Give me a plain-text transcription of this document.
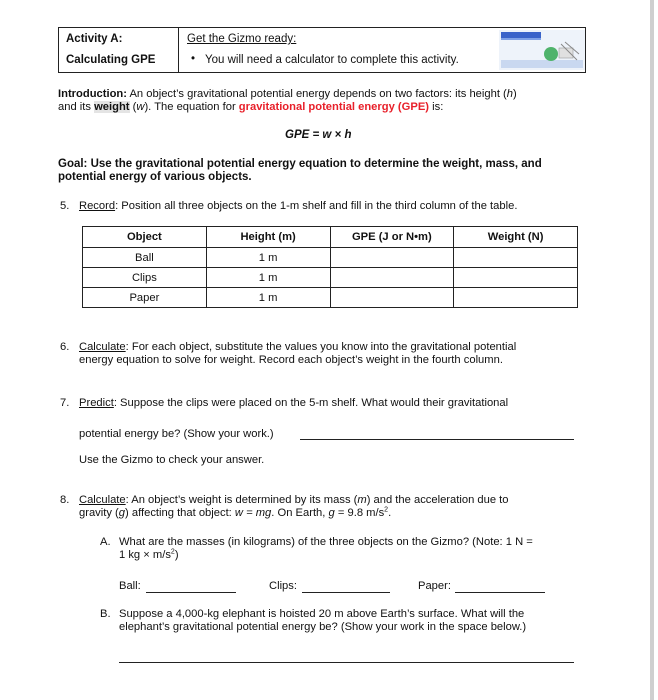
Activity A:
Calculating GPE
Get the Gizmo ready:
• You will need a calculator to complete this activity.
Introduction: An object’s gravitational potential energy depends on two factors: its height (h)
and its weight (w). The equation for gravitational potential energy (GPE) is:
GPE = w × h
Goal: Use the gravitational potential energy equation to determine the weight, mass, and
potential energy of various objects.
5. Record: Position all three objects on the 1-m shelf and fill in the third column of the table.
Object	Height (m)	GPE (J or N•m)	Weight (N)
Ball	1 m		
Clips	1 m		
Paper	1 m		
6. Calculate: For each object, substitute the values you know into the gravitational potential
energy equation to solve for weight. Record each object’s weight in the fourth column.
7. Predict: Suppose the clips were placed on the 5-m shelf. What would their gravitational
potential energy be? (Show your work.)
Use the Gizmo to check your answer.
8. Calculate: An object’s weight is determined by its mass (m) and the acceleration due to
gravity (g) affecting that object: w = mg. On Earth, g = 9.8 $m/s^2$.
A. What are the masses (in kilograms) of the three objects on the Gizmo? (Note: 1 N =
1 kg × $m/s^2$)
Ball:	Clips:	Paper:
B. Suppose a 4,000-kg elephant is hoisted 20 m above Earth’s surface. What will the
elephant’s gravitational potential energy be? (Show your work in the space below.)
